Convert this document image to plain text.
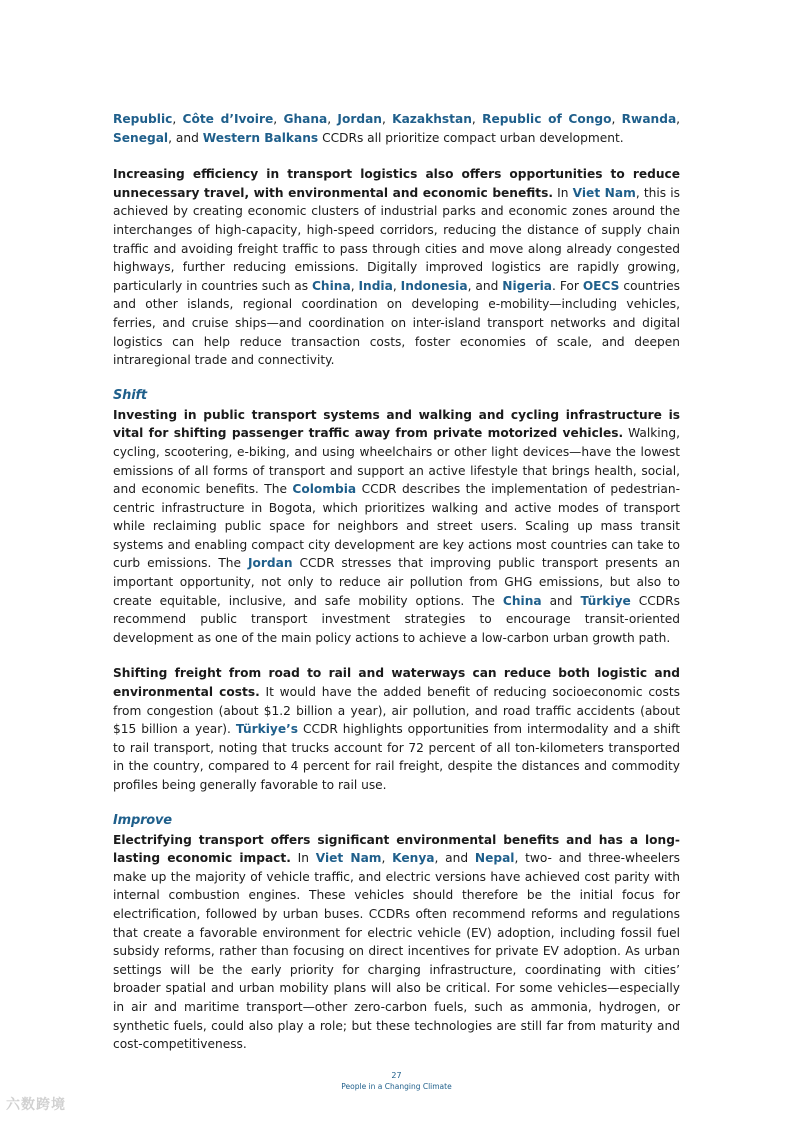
Republic, Côte d’Ivoire, Ghana, Jordan, Kazakhstan, Republic of Congo, Rwanda, Senegal, and Western Balkans CCDRs all prioritize compact urban development.

Increasing efficiency in transport logistics also offers opportunities to reduce unnecessary travel, with environmental and economic benefits. In Viet Nam, this is achieved by creating economic clusters of industrial parks and economic zones around the interchanges of high-capacity, high-speed corridors, reducing the distance of supply chain traffic and avoiding freight traffic to pass through cities and move along already congested highways, further reducing emissions. Digitally improved logistics are rapidly growing, particularly in countries such as China, India, Indonesia, and Nigeria. For OECS countries and other islands, regional coordination on developing e-mobility—including vehicles, ferries, and cruise ships—and coordination on inter-island transport networks and digital logistics can help reduce transaction costs, foster economies of scale, and deepen intraregional trade and connectivity.

Shift

Investing in public transport systems and walking and cycling infrastructure is vital for shifting passenger traffic away from private motorized vehicles. Walking, cycling, scootering, e-biking, and using wheelchairs or other light devices—have the lowest emissions of all forms of transport and support an active lifestyle that brings health, social, and economic benefits. The Colombia CCDR describes the implementation of pedestrian-centric infrastructure in Bogota, which prioritizes walking and active modes of transport while reclaiming public space for neighbors and street users. Scaling up mass transit systems and enabling compact city development are key actions most countries can take to curb emissions. The Jordan CCDR stresses that improving public transport presents an important opportunity, not only to reduce air pollution from GHG emissions, but also to create equitable, inclusive, and safe mobility options. The China and Türkiye CCDRs recommend public transport investment strategies to encourage transit-oriented development as one of the main policy actions to achieve a low-carbon urban growth path.

Shifting freight from road to rail and waterways can reduce both logistic and environmental costs. It would have the added benefit of reducing socioeconomic costs from congestion (about $1.2 billion a year), air pollution, and road traffic accidents (about $15 billion a year). Türkiye’s CCDR highlights opportunities from intermodality and a shift to rail transport, noting that trucks account for 72 percent of all ton-kilometers transported in the country, compared to 4 percent for rail freight, despite the distances and commodity profiles being generally favorable to rail use.

Improve

Electrifying transport offers significant environmental benefits and has a long-lasting economic impact. In Viet Nam, Kenya, and Nepal, two- and three-wheelers make up the majority of vehicle traffic, and electric versions have achieved cost parity with internal combustion engines. These vehicles should therefore be the initial focus for electrification, followed by urban buses. CCDRs often recommend reforms and regulations that create a favorable environment for electric vehicle (EV) adoption, including fossil fuel subsidy reforms, rather than focusing on direct incentives for private EV adoption. As urban settings will be the early priority for charging infrastructure, coordinating with cities’ broader spatial and urban mobility plans will also be critical. For some vehicles—especially in air and maritime transport—other zero-carbon fuels, such as ammonia, hydrogen, or synthetic fuels, could also play a role; but these technologies are still far from maturity and cost-competitiveness.

27
People in a Changing Climate
六数跨境
